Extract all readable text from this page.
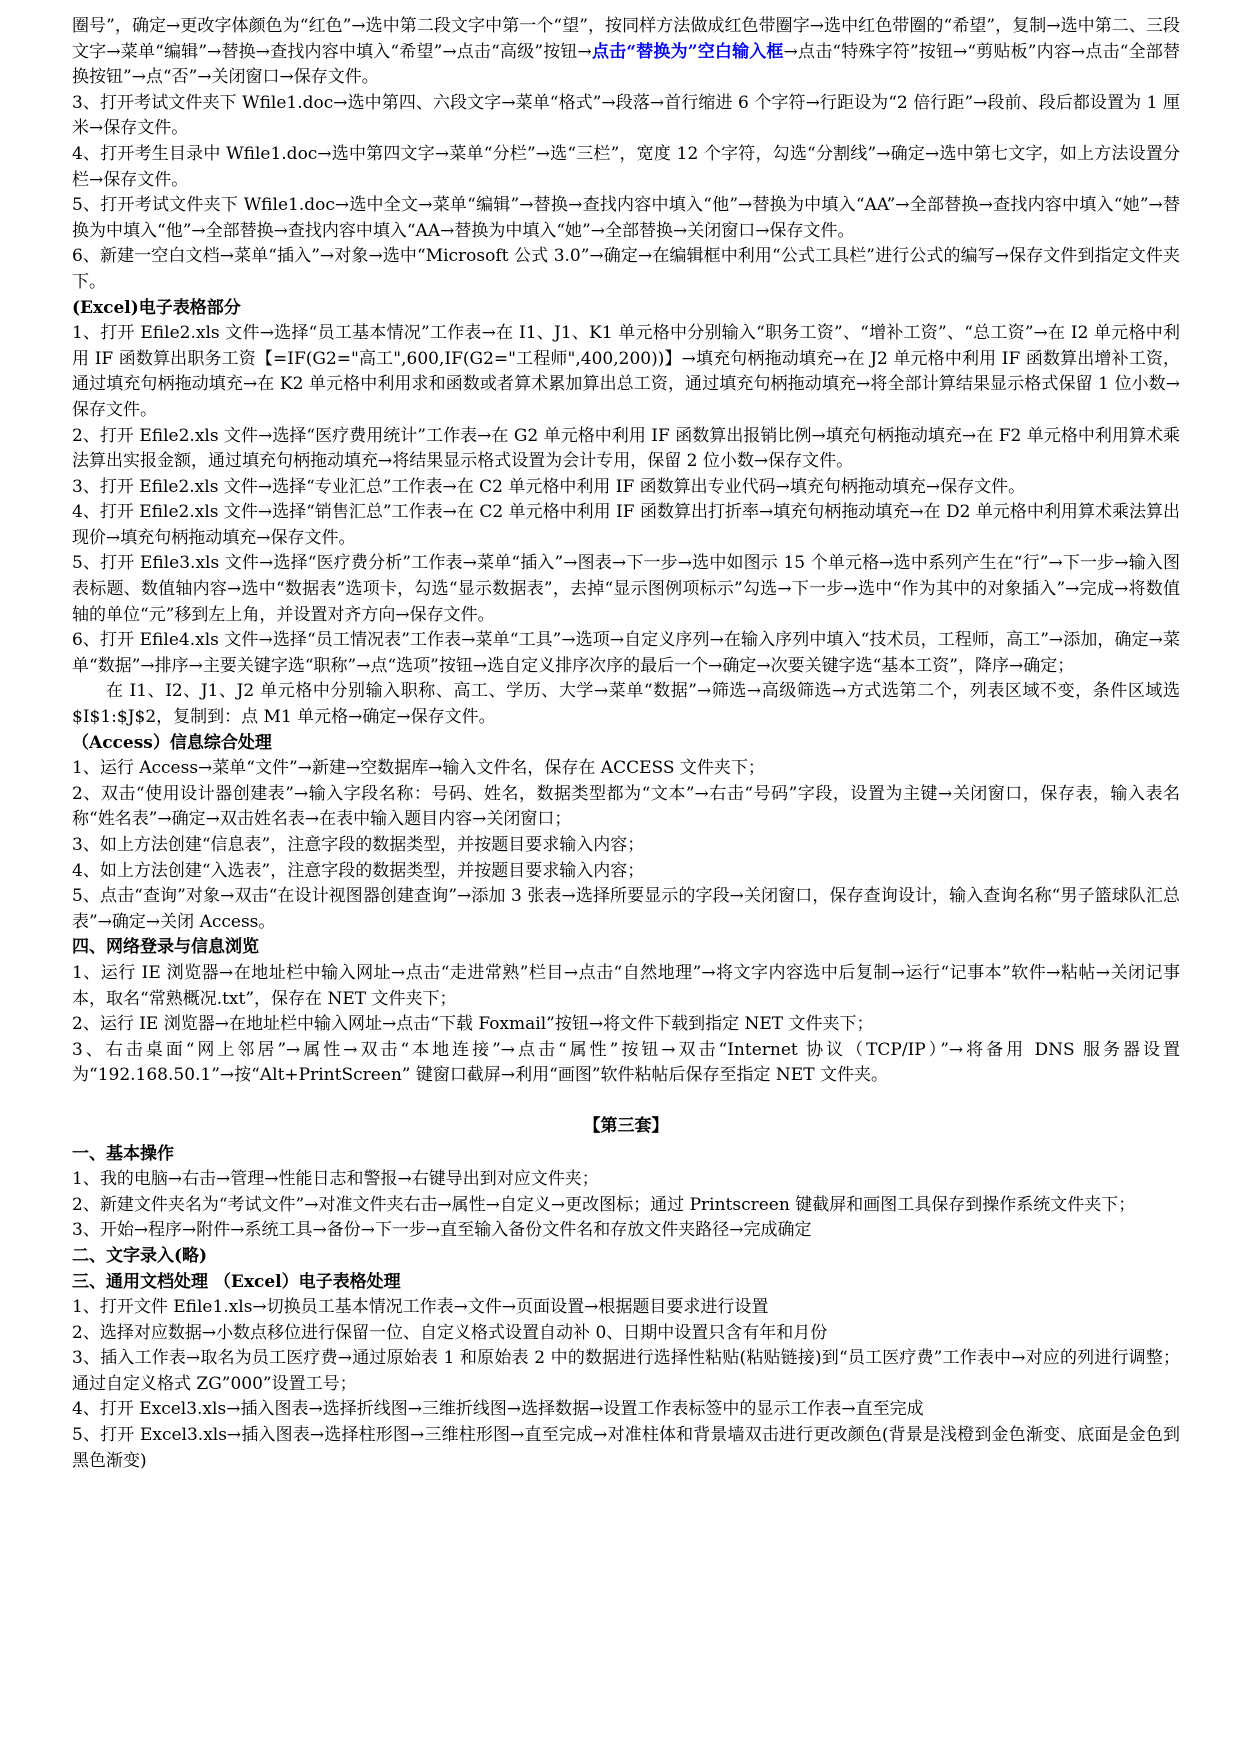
圈号”，确定→更改字体颜色为“红色”→选中第二段文字中第一个“望”，按同样方法做成红色带圈字→选中红色带圈的“希望”，复制→选中第二、三段文字→菜单“编辑”→替换→查找内容中填入“希望”→点击“高级”按钮→点击“替换为”空白输入框→点击“特殊字符”按钮→“剪贴板”内容→点击“全部替换按钮”→点“否”→关闭窗口→保存文件。

3、打开考试文件夹下 Wfile1.doc→选中第四、六段文字→菜单“格式”→段落→首行缩进 6 个字符→行距设为“2 倍行距”→段前、段后都设置为 1 厘米→保存文件。

4、打开考生目录中 Wfile1.doc→选中第四文字→菜单“分栏”→选“三栏”，宽度 12 个字符，勾选“分割线”→确定→选中第七文字，如上方法设置分栏→保存文件。

5、打开考试文件夹下 Wfile1.doc→选中全文→菜单“编辑”→替换→查找内容中填入“他”→替换为中填入“AA”→全部替换→查找内容中填入“她”→替换为中填入“他”→全部替换→查找内容中填入“AA→替换为中填入“她”→全部替换→关闭窗口→保存文件。

6、新建一空白文档→菜单“插入”→对象→选中“Microsoft 公式 3.0”→确定→在编辑框中利用“公式工具栏”进行公式的编写→保存文件到指定文件夹下。

(Excel)电子表格部分

1、打开 Efile2.xls 文件→选择“员工基本情况”工作表→在 I1、J1、K1 单元格中分别输入“职务工资”、“增补工资”、“总工资”→在 I2 单元格中利用 IF 函数算出职务工资【=IF(G2="高工",600,IF(G2="工程师",400,200))】→填充句柄拖动填充→在 J2 单元格中利用 IF 函数算出增补工资，通过填充句柄拖动填充→在 K2 单元格中利用求和函数或者算术累加算出总工资，通过填充句柄拖动填充→将全部计算结果显示格式保留 1 位小数→保存文件。

2、打开 Efile2.xls 文件→选择“医疗费用统计”工作表→在 G2 单元格中利用 IF 函数算出报销比例→填充句柄拖动填充→在 F2 单元格中利用算术乘法算出实报金额，通过填充句柄拖动填充→将结果显示格式设置为会计专用，保留 2 位小数→保存文件。

3、打开 Efile2.xls 文件→选择“专业汇总”工作表→在 C2 单元格中利用 IF 函数算出专业代码→填充句柄拖动填充→保存文件。

4、打开 Efile2.xls 文件→选择“销售汇总”工作表→在 C2 单元格中利用 IF 函数算出打折率→填充句柄拖动填充→在 D2 单元格中利用算术乘法算出现价→填充句柄拖动填充→保存文件。

5、打开 Efile3.xls 文件→选择“医疗费分析”工作表→菜单“插入”→图表→下一步→选中如图示 15 个单元格→选中系列产生在“行”→下一步→输入图表标题、数值轴内容→选中“数据表”选项卡，勾选“显示数据表”，去掉“显示图例项标示”勾选→下一步→选中“作为其中的对象插入”→完成→将数值轴的单位“元”移到左上角，并设置对齐方向→保存文件。

6、打开 Efile4.xls 文件→选择“员工情况表”工作表→菜单“工具”→选项→自定义序列→在输入序列中填入“技术员，工程师，高工”→添加，确定→菜单“数据”→排序→主要关键字选“职称”→点“选项”按钮→选自定义排序次序的最后一个→确定→次要关键字选“基本工资”，降序→确定；

在 I1、I2、J1、J2 单元格中分别输入职称、高工、学历、大学→菜单“数据”→筛选→高级筛选→方式选第二个，列表区域不变，条件区域选$I$1:$J$2，复制到：点 M1 单元格→确定→保存文件。

（Access）信息综合处理

1、运行 Access→菜单“文件”→新建→空数据库→输入文件名，保存在 ACCESS 文件夹下；

2、双击“使用设计器创建表”→输入字段名称：号码、姓名，数据类型都为“文本”→右击“号码”字段，设置为主键→关闭窗口，保存表，输入表名称“姓名表”→确定→双击姓名表→在表中输入题目内容→关闭窗口；

3、如上方法创建“信息表”，注意字段的数据类型，并按题目要求输入内容；

4、如上方法创建“入选表”，注意字段的数据类型，并按题目要求输入内容；

5、点击“查询”对象→双击“在设计视图器创建查询”→添加 3 张表→选择所要显示的字段→关闭窗口，保存查询设计，输入查询名称“男子篮球队汇总表”→确定→关闭 Access。

四、网络登录与信息浏览

1、运行 IE 浏览器→在地址栏中输入网址→点击“走进常熟”栏目→点击“自然地理”→将文字内容选中后复制→运行“记事本”软件→粘帖→关闭记事本，取名“常熟概况.txt”，保存在 NET 文件夹下；

2、运行 IE 浏览器→在地址栏中输入网址→点击“下载 Foxmail”按钮→将文件下载到指定 NET 文件夹下；

3、右击桌面“网上邻居”→属性→双击“本地连接”→点击“属性”按钮→双击“Internet 协议（TCP/IP）”→将备用 DNS 服务器设置为“192.168.50.1”→按“Alt+PrintScreen” 键窗口截屏→利用“画图”软件粘帖后保存至指定 NET 文件夹。

【第三套】

一、基本操作

1、我的电脑→右击→管理→性能日志和警报→右键导出到对应文件夹；

2、新建文件夹名为“考试文件”→对准文件夹右击→属性→自定义→更改图标；通过 Printscreen 键截屏和画图工具保存到操作系统文件夹下；

3、开始→程序→附件→系统工具→备份→下一步→直至输入备份文件名和存放文件夹路径→完成确定

二、文字录入(略)

三、通用文档处理 （Excel）电子表格处理

1、打开文件 Efile1.xls→切换员工基本情况工作表→文件→页面设置→根据题目要求进行设置

2、选择对应数据→小数点移位进行保留一位、自定义格式设置自动补 0、日期中设置只含有年和月份

3、插入工作表→取名为员工医疗费→通过原始表 1 和原始表 2 中的数据进行选择性粘贴(粘贴链接)到“员工医疗费”工作表中→对应的列进行调整；通过自定义格式 ZG”000”设置工号；

4、打开 Excel3.xls→插入图表→选择折线图→三维折线图→选择数据→设置工作表标签中的显示工作表→直至完成

5、打开 Excel3.xls→插入图表→选择柱形图→三维柱形图→直至完成→对准柱体和背景墙双击进行更改颜色(背景是浅橙到金色渐变、底面是金色到黑色渐变)
